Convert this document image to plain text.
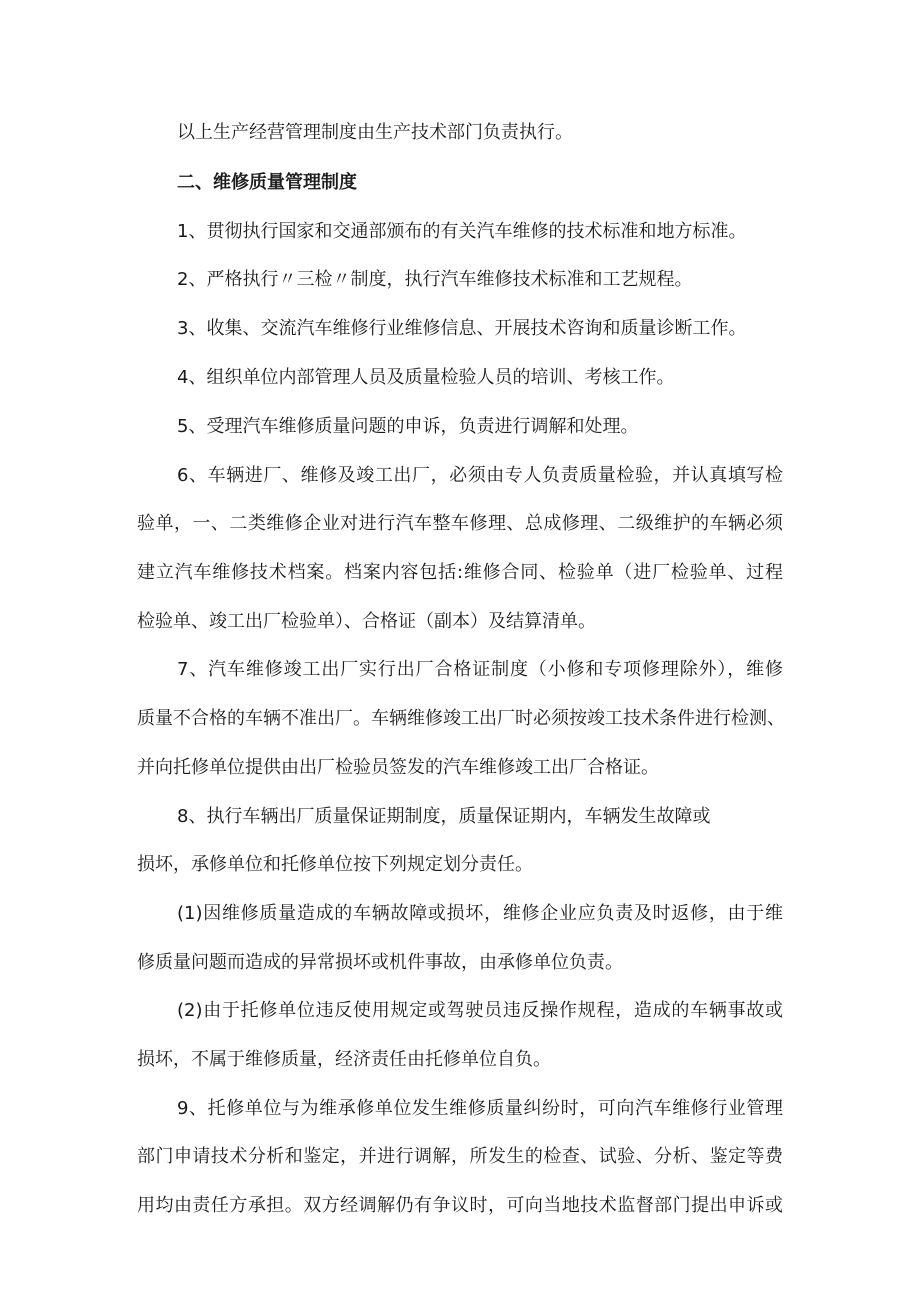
以上生产经营管理制度由生产技术部门负责执行。
二、维修质量管理制度
1、贯彻执行国家和交通部颁布的有关汽车维修的技术标准和地方标准。
2、严格执行〃三检〃制度，执行汽车维修技术标准和工艺规程。
3、收集、交流汽车维修行业维修信息、开展技术咨询和质量诊断工作。
4、组织单位内部管理人员及质量检验人员的培训、考核工作。
5、受理汽车维修质量问题的申诉，负责进行调解和处理。
6、车辆进厂、维修及竣工出厂，必须由专人负责质量检验，并认真填写检
验单，一、二类维修企业对进行汽车整车修理、总成修理、二级维护的车辆必须
建立汽车维修技术档案。档案内容包括:维修合同、检验单（进厂检验单、过程
检验单、竣工出厂检验单）、合格证（副本）及结算清单。
7、汽车维修竣工出厂实行出厂合格证制度（小修和专项修理除外），维修
质量不合格的车辆不准出厂。车辆维修竣工出厂时必须按竣工技术条件进行检测、
并向托修单位提供由出厂检验员签发的汽车维修竣工出厂合格证。
8、执行车辆出厂质量保证期制度，质量保证期内，车辆发生故障或
损坏，承修单位和托修单位按下列规定划分责任。
(1)因维修质量造成的车辆故障或损坏，维修企业应负责及时返修，由于维
修质量问题而造成的异常损坏或机件事故，由承修单位负责。
(2)由于托修单位违反使用规定或驾驶员违反操作规程，造成的车辆事故或
损坏，不属于维修质量，经济责任由托修单位自负。
9、托修单位与为维承修单位发生维修质量纠纷时，可向汽车维修行业管理
部门申请技术分析和鉴定，并进行调解，所发生的检查、试验、分析、鉴定等费
用均由责任方承担。双方经调解仍有争议时，可向当地技术监督部门提出申诉或
